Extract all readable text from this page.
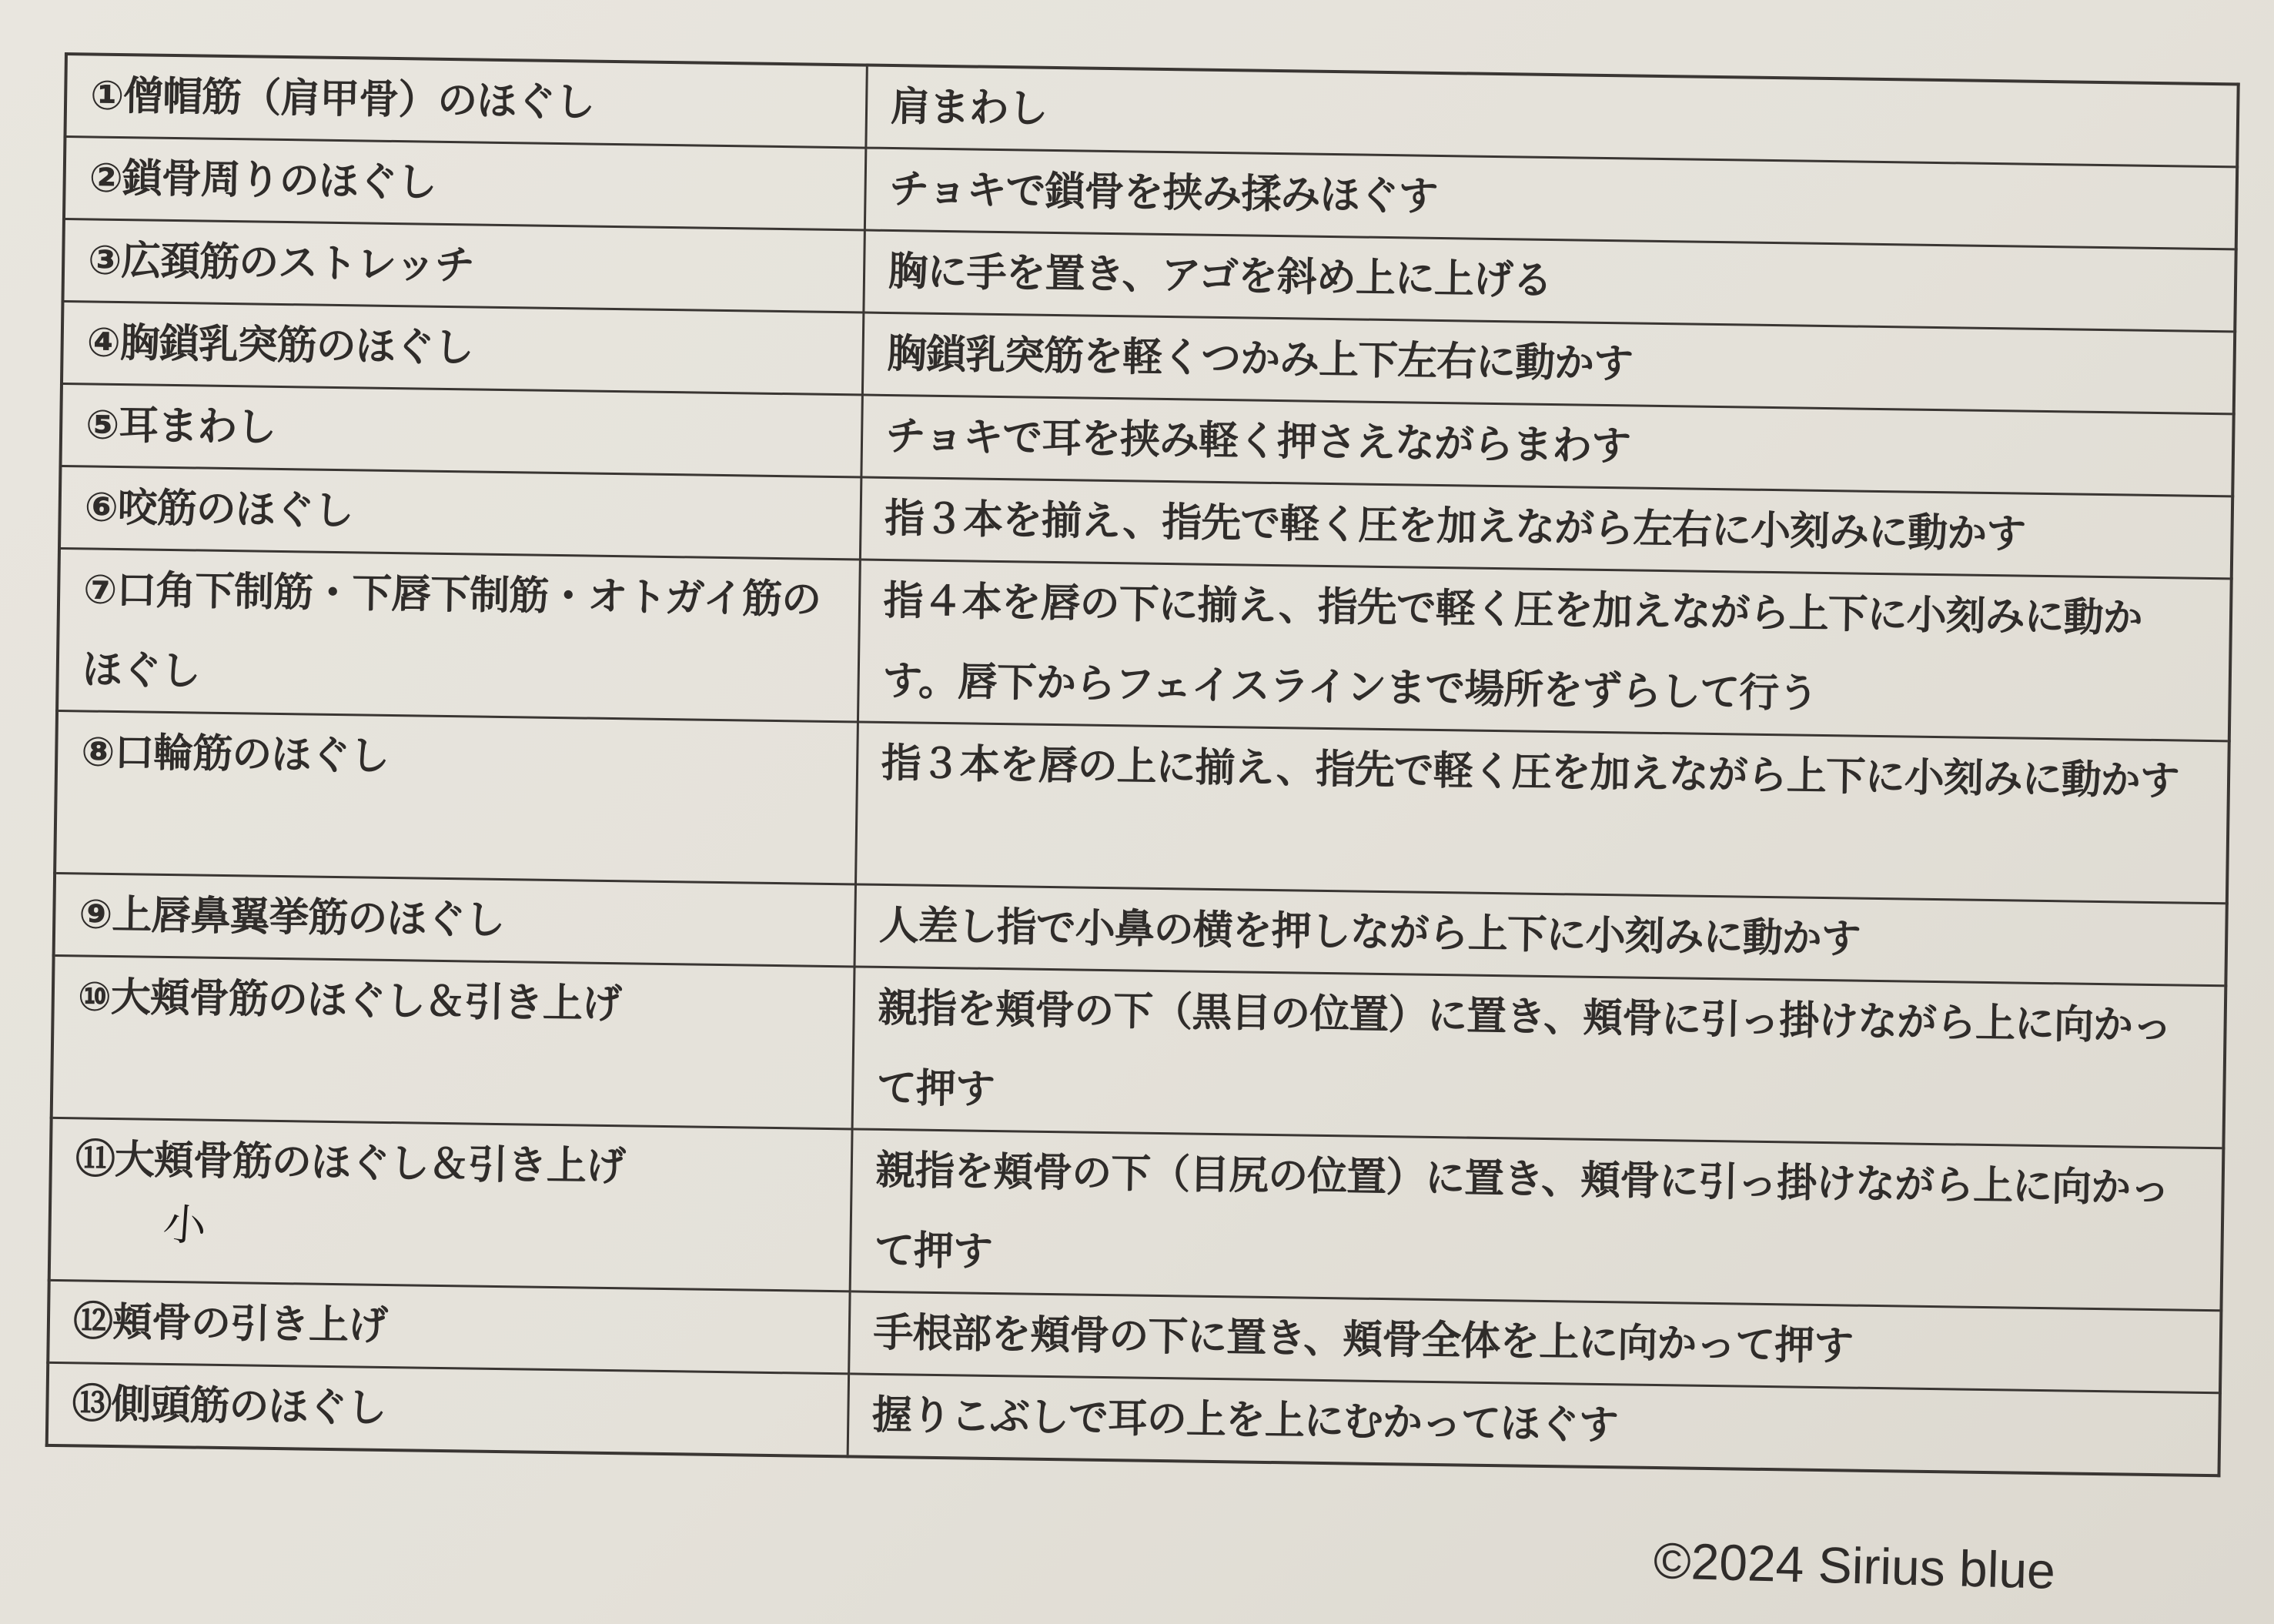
①僧帽筋（肩甲骨）のほぐし	肩まわし
②鎖骨周りのほぐし	チョキで鎖骨を挟み揉みほぐす
③広頚筋のストレッチ	胸に手を置き、アゴを斜め上に上げる
④胸鎖乳突筋のほぐし	胸鎖乳突筋を軽くつかみ上下左右に動かす
⑤耳まわし	チョキで耳を挟み軽く押さえながらまわす
⑥咬筋のほぐし	指３本を揃え、指先で軽く圧を加えながら左右に小刻みに動かす
⑦口角下制筋・下唇下制筋・オトガイ筋のほぐし	指４本を唇の下に揃え、指先で軽く圧を加えながら上下に小刻みに動かす。唇下からフェイスラインまで場所をずらして行う
⑧口輪筋のほぐし	指３本を唇の上に揃え、指先で軽く圧を加えながら上下に小刻みに動かす
⑨上唇鼻翼挙筋のほぐし	人差し指で小鼻の横を押しながら上下に小刻みに動かす
⑩大頬骨筋のほぐし＆引き上げ	親指を頬骨の下（黒目の位置）に置き、頬骨に引っ掛けながら上に向かって押す
⑪大頬骨筋のほぐし＆引き上げ	親指を頬骨の下（目尻の位置）に置き、頬骨に引っ掛けながら上に向かって押す
⑫頬骨の引き上げ	手根部を頬骨の下に置き、頬骨全体を上に向かって押す
⑬側頭筋のほぐし	握りこぶしで耳の上を上にむかってほぐす
小
©2024 Sirius blue
